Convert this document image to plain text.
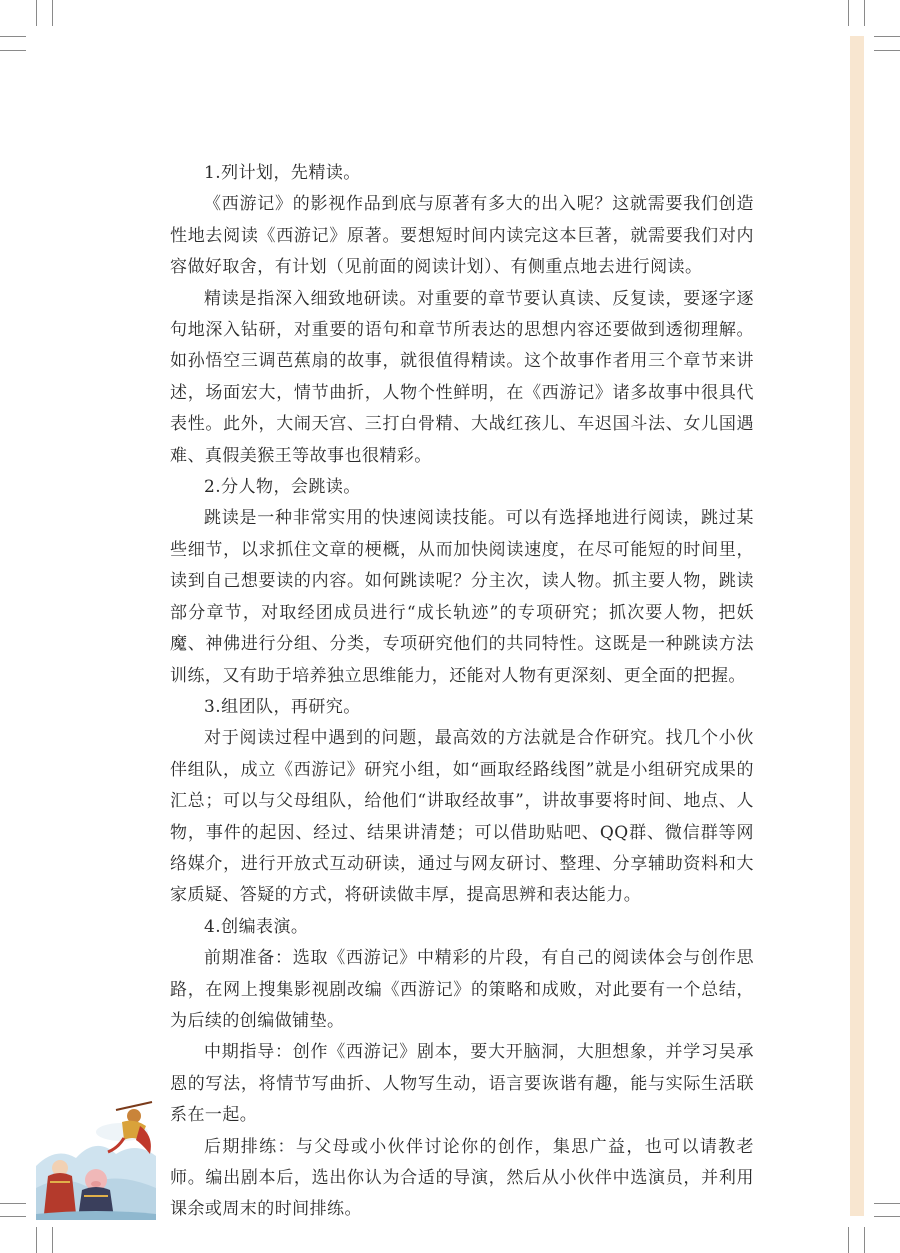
1.列计划，先精读。

《西游记》的影视作品到底与原著有多大的出入呢？这就需要我们创造性地去阅读《西游记》原著。要想短时间内读完这本巨著，就需要我们对内容做好取舍，有计划（见前面的阅读计划）、有侧重点地去进行阅读。

精读是指深入细致地研读。对重要的章节要认真读、反复读，要逐字逐句地深入钻研，对重要的语句和章节所表达的思想内容还要做到透彻理解。如孙悟空三调芭蕉扇的故事，就很值得精读。这个故事作者用三个章节来讲述，场面宏大，情节曲折，人物个性鲜明，在《西游记》诸多故事中很具代表性。此外，大闹天宫、三打白骨精、大战红孩儿、车迟国斗法、女儿国遇难、真假美猴王等故事也很精彩。

2.分人物，会跳读。

跳读是一种非常实用的快速阅读技能。可以有选择地进行阅读，跳过某些细节，以求抓住文章的梗概，从而加快阅读速度，在尽可能短的时间里，读到自己想要读的内容。如何跳读呢？分主次，读人物。抓主要人物，跳读部分章节，对取经团成员进行“成长轨迹”的专项研究；抓次要人物，把妖魔、神佛进行分组、分类，专项研究他们的共同特性。这既是一种跳读方法训练，又有助于培养独立思维能力，还能对人物有更深刻、更全面的把握。

3.组团队，再研究。

对于阅读过程中遇到的问题，最高效的方法就是合作研究。找几个小伙伴组队，成立《西游记》研究小组，如“画取经路线图”就是小组研究成果的汇总；可以与父母组队，给他们“讲取经故事”，讲故事要将时间、地点、人物，事件的起因、经过、结果讲清楚；可以借助贴吧、QQ群、微信群等网络媒介，进行开放式互动研读，通过与网友研讨、整理、分享辅助资料和大家质疑、答疑的方式，将研读做丰厚，提高思辨和表达能力。

4.创编表演。

前期准备：选取《西游记》中精彩的片段，有自己的阅读体会与创作思路，在网上搜集影视剧改编《西游记》的策略和成败，对此要有一个总结，为后续的创编做铺垫。

中期指导：创作《西游记》剧本，要大开脑洞，大胆想象，并学习吴承恩的写法，将情节写曲折、人物写生动，语言要诙谐有趣，能与实际生活联系在一起。

后期排练：与父母或小伙伴讨论你的创作，集思广益，也可以请教老师。编出剧本后，选出你认为合适的导演，然后从小伙伴中选演员，并利用课余或周末的时间排练。
